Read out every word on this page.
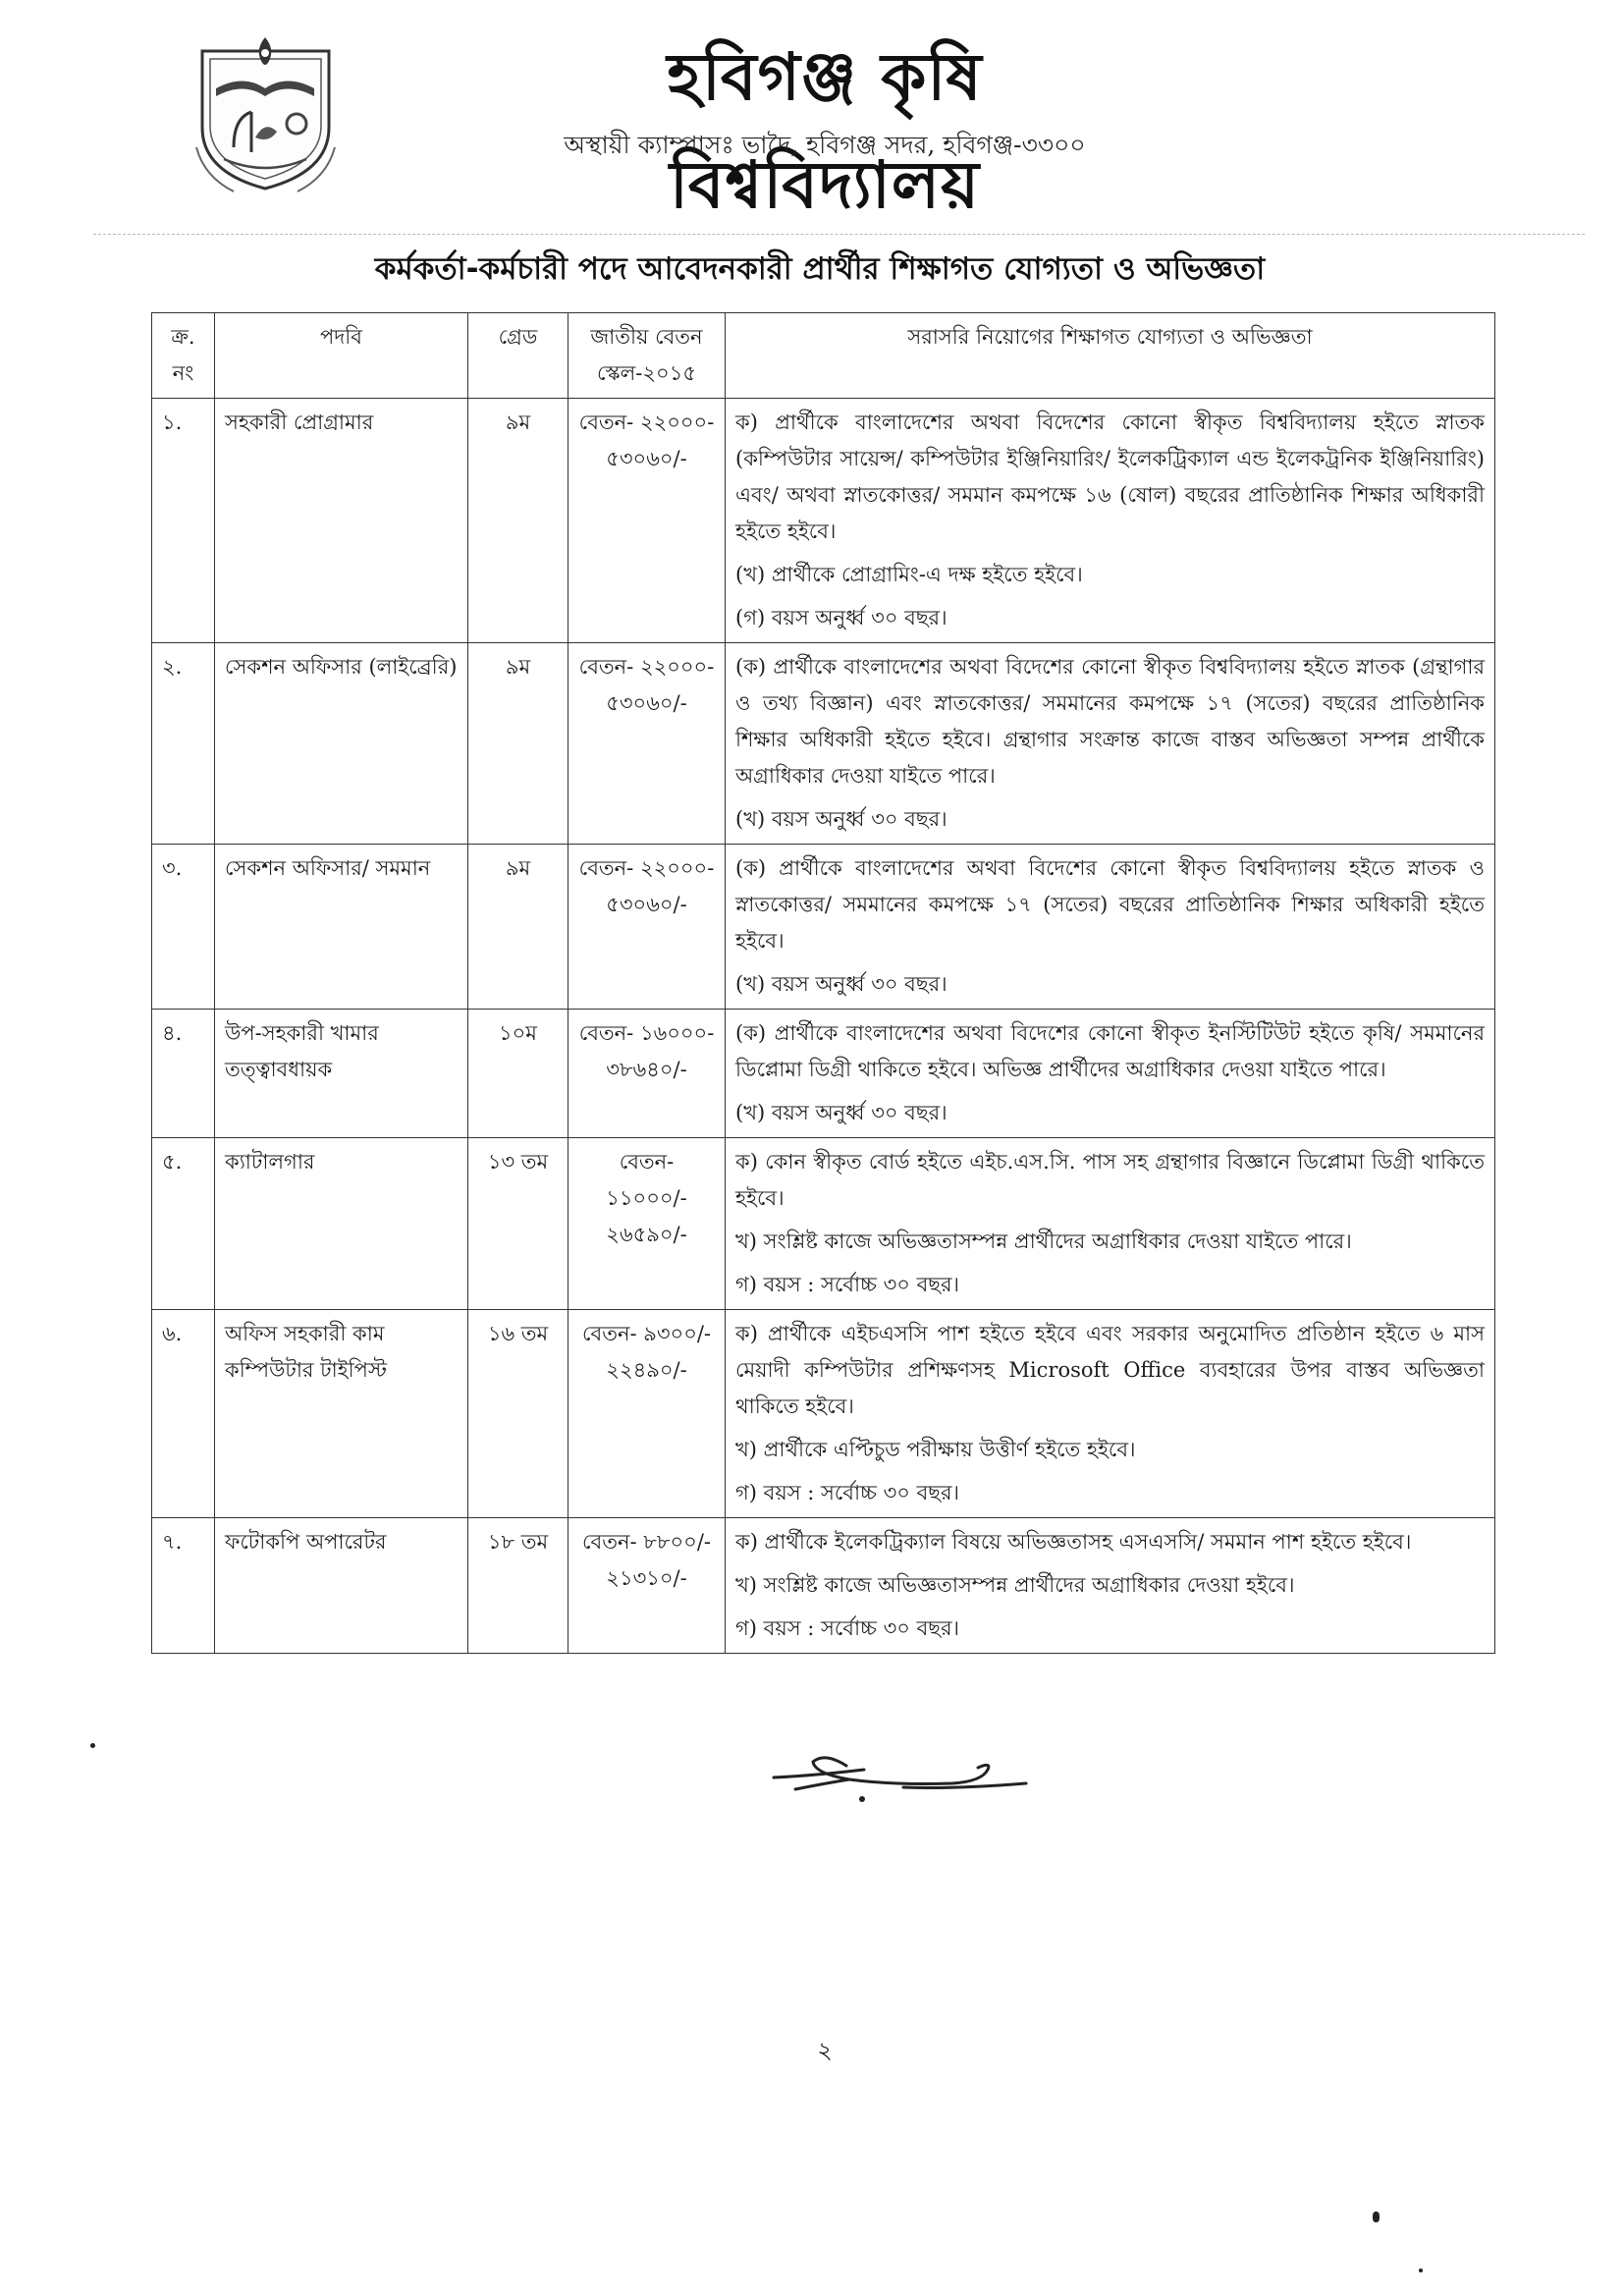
হবিগঞ্জ কৃষি বিশ্ববিদ্যালয়
অস্থায়ী ক্যাম্পাসঃ ভাদৈ, হবিগঞ্জ সদর, হবিগঞ্জ-৩৩০০
কর্মকর্তা-কর্মচারী পদে আবেদনকারী প্রার্থীর শিক্ষাগত যোগ্যতা ও অভিজ্ঞতা
ক্র. নং	পদবি	গ্রেড	জাতীয় বেতন স্কেল-২০১৫	সরাসরি নিয়োগের শিক্ষাগত যোগ্যতা ও অভিজ্ঞতা
১.	সহকারী প্রোগ্রামার	৯ম	বেতন- ২২০০০- ৫৩০৬০/-	ক) প্রার্থীকে বাংলাদেশের অথবা বিদেশের কোনো স্বীকৃত বিশ্ববিদ্যালয় হইতে স্নাতক (কম্পিউটার সায়েন্স/ কম্পিউটার ইঞ্জিনিয়ারিং/ ইলেকট্রিক্যাল এন্ড ইলেকট্রনিক ইঞ্জিনিয়ারিং) এবং/ অথবা স্নাতকোত্তর/ সমমান কমপক্ষে ১৬ (ষোল) বছরের প্রাতিষ্ঠানিক শিক্ষার অধিকারী হইতে হইবে।

(খ) প্রার্থীকে প্রোগ্রামিং-এ দক্ষ হইতে হইবে।

(গ) বয়স অনুর্ধ্ব ৩০ বছর।

২.	সেকশন অফিসার (লাইব্রেরি)	৯ম	বেতন- ২২০০০- ৫৩০৬০/-	(ক) প্রার্থীকে বাংলাদেশের অথবা বিদেশের কোনো স্বীকৃত বিশ্ববিদ্যালয় হইতে স্নাতক (গ্রন্থাগার ও তথ্য বিজ্ঞান) এবং স্নাতকোত্তর/ সমমানের কমপক্ষে ১৭ (সতের) বছরের প্রাতিষ্ঠানিক শিক্ষার অধিকারী হইতে হইবে। গ্রন্থাগার সংক্রান্ত কাজে বাস্তব অভিজ্ঞতা সম্পন্ন প্রার্থীকে অগ্রাধিকার দেওয়া যাইতে পারে।

(খ) বয়স অনুর্ধ্ব ৩০ বছর।

৩.	সেকশন অফিসার/ সমমান	৯ম	বেতন- ২২০০০- ৫৩০৬০/-	(ক) প্রার্থীকে বাংলাদেশের অথবা বিদেশের কোনো স্বীকৃত বিশ্ববিদ্যালয় হইতে স্নাতক ও স্নাতকোত্তর/ সমমানের কমপক্ষে ১৭ (সতের) বছরের প্রাতিষ্ঠানিক শিক্ষার অধিকারী হইতে হইবে।

(খ) বয়স অনুর্ধ্ব ৩০ বছর।

৪.	উপ-সহকারী খামার তত্ত্বাবধায়ক	১০ম	বেতন- ১৬০০০- ৩৮৬৪০/-	(ক) প্রার্থীকে বাংলাদেশের অথবা বিদেশের কোনো স্বীকৃত ইনস্টিটিউট হইতে কৃষি/ সমমানের ডিপ্লোমা ডিগ্রী থাকিতে হইবে। অভিজ্ঞ প্রার্থীদের অগ্রাধিকার দেওয়া যাইতে পারে।

(খ) বয়স অনুর্ধ্ব ৩০ বছর।

৫.	ক্যাটালগার	১৩ তম	বেতন- ১১০০০/- ২৬৫৯০/-	ক) কোন স্বীকৃত বোর্ড হইতে এইচ.এস.সি. পাস সহ গ্রন্থাগার বিজ্ঞানে ডিপ্লোমা ডিগ্রী থাকিতে হইবে।

খ) সংশ্লিষ্ট কাজে অভিজ্ঞতাসম্পন্ন প্রার্থীদের অগ্রাধিকার দেওয়া যাইতে পারে।

গ) বয়স : সর্বোচ্চ ৩০ বছর।

৬.	অফিস সহকারী কাম কম্পিউটার টাইপিস্ট	১৬ তম	বেতন- ৯৩০০/- ২২৪৯০/-	ক) প্রার্থীকে এইচএসসি পাশ হইতে হইবে এবং সরকার অনুমোদিত প্রতিষ্ঠান হইতে ৬ মাস মেয়াদী কম্পিউটার প্রশিক্ষণসহ Microsoft Office ব্যবহারের উপর বাস্তব অভিজ্ঞতা থাকিতে হইবে।

খ) প্রার্থীকে এপ্টিচুড পরীক্ষায় উত্তীর্ণ হইতে হইবে।

গ) বয়স : সর্বোচ্চ ৩০ বছর।

৭.	ফটোকপি অপারেটর	১৮ তম	বেতন- ৮৮০০/- ২১৩১০/-	ক) প্রার্থীকে ইলেকট্রিক্যাল বিষয়ে অভিজ্ঞতাসহ এসএসসি/ সমমান পাশ হইতে হইবে।

খ) সংশ্লিষ্ট কাজে অভিজ্ঞতাসম্পন্ন প্রার্থীদের অগ্রাধিকার দেওয়া হইবে।

গ) বয়স : সর্বোচ্চ ৩০ বছর।

২
